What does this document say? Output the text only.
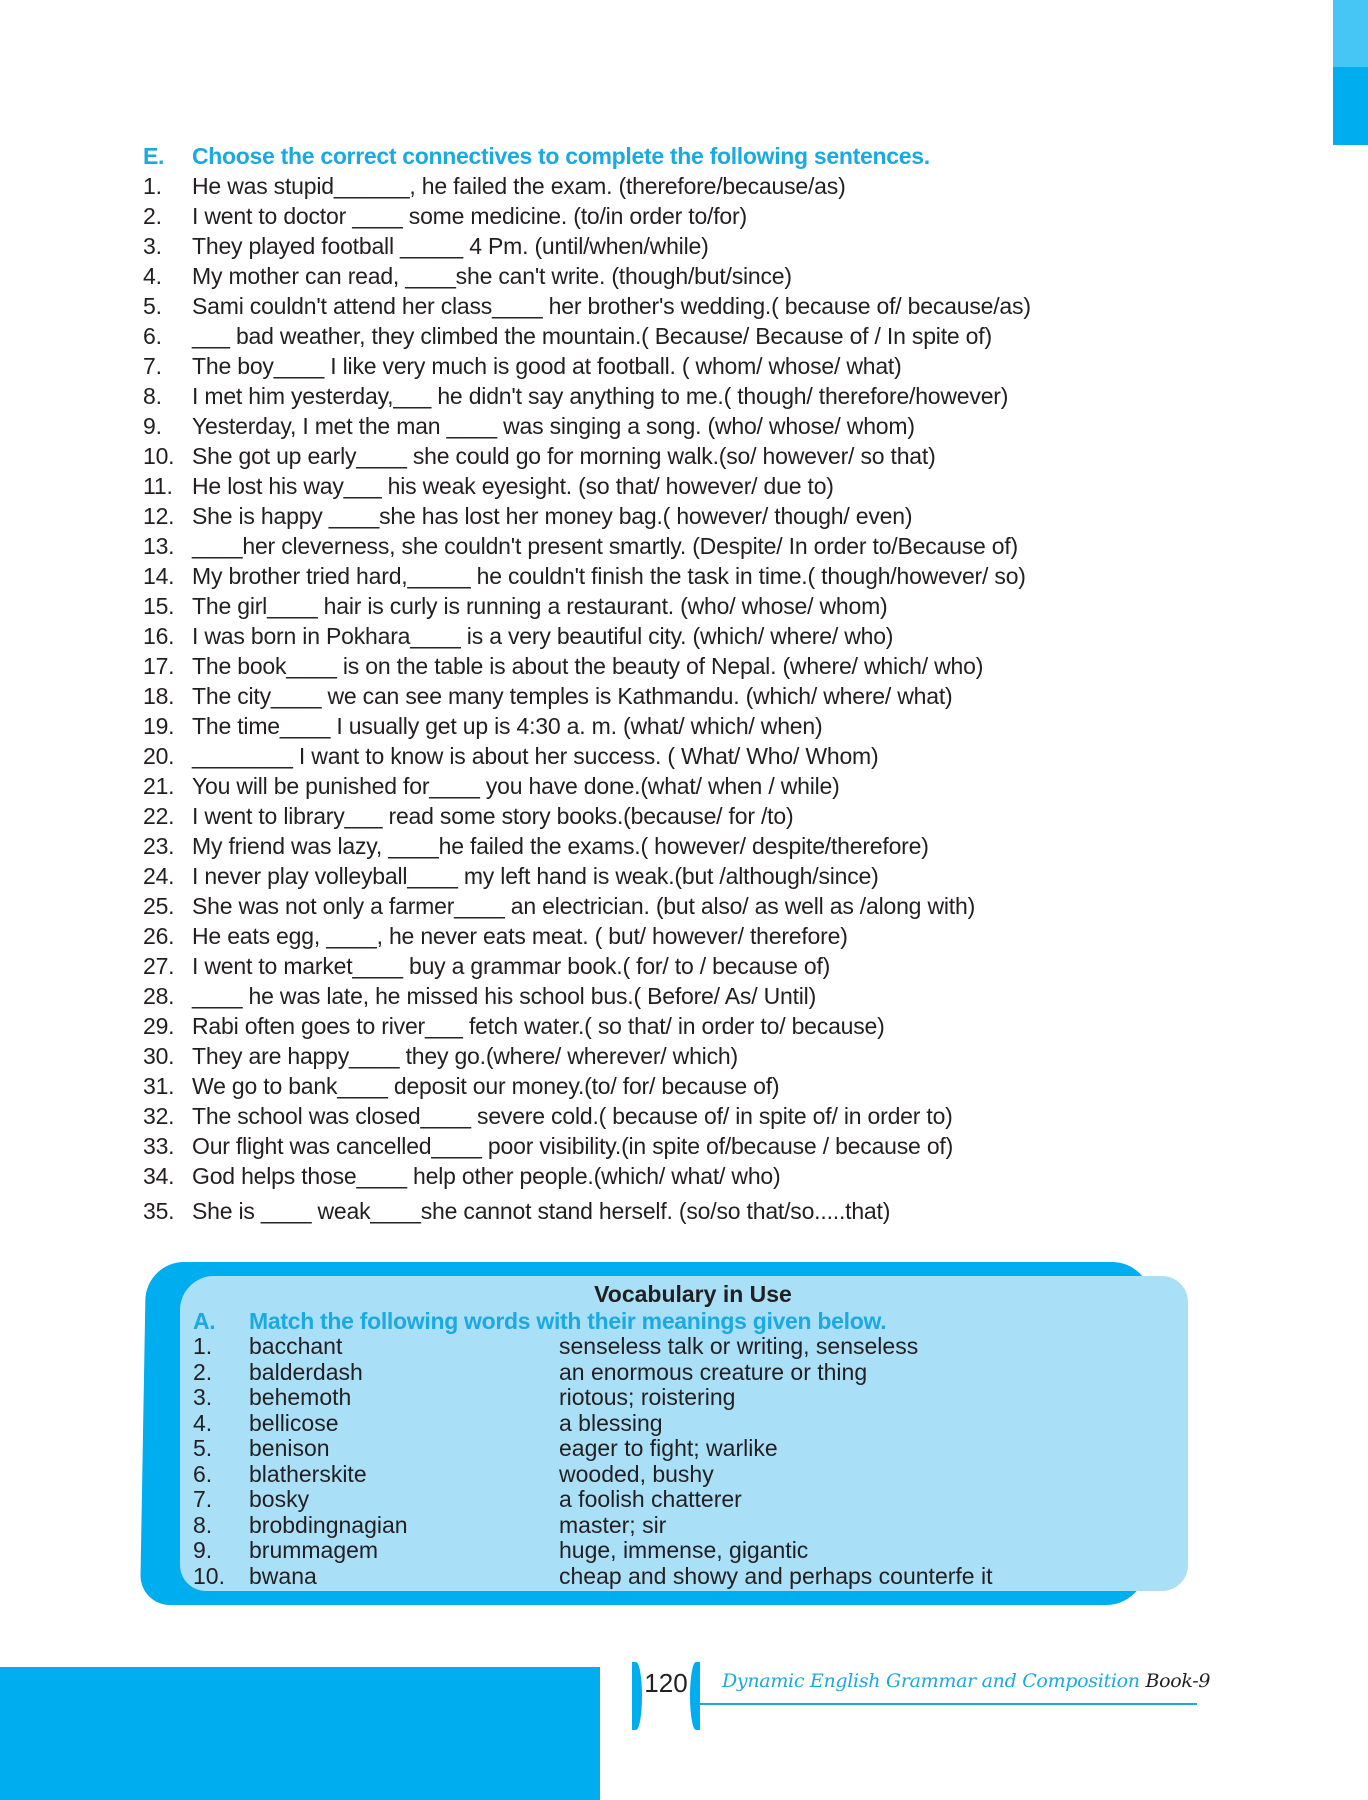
E.	Choose the correct connectives to complete the following sentences.
1.	He was stupid______, he failed the exam. (therefore/because/as)
2.	I went to doctor ____ some medicine. (to/in order to/for)
3.	They played football _____ 4 Pm. (until/when/while)
4.	My mother can read, ____she can't write. (though/but/since)
5.	Sami couldn't attend her class____ her brother's wedding.( because of/ because/as)
6.	___ bad weather, they climbed the mountain.( Because/ Because of / In spite of)
7.	The boy____ I like very much is good at football. ( whom/ whose/ what)
8.	I met him yesterday,___ he didn't say anything to me.( though/ therefore/however)
9.	Yesterday, I met the man ____ was singing a song. (who/ whose/ whom)
10. She got up early____ she could go for morning walk.(so/ however/ so that)
11. He lost his way___ his weak eyesight. (so that/ however/ due to)
12. She is happy ____she has lost her money bag.( however/ though/ even)
13. ____her cleverness, she couldn't present smartly. (Despite/ In order to/Because of)
14. My brother tried hard,_____ he couldn't finish the task in time.( though/however/ so)
15. The girl____ hair is curly is running a restaurant. (who/ whose/ whom)
16. I was born in Pokhara____ is a very beautiful city. (which/ where/ who)
17. The book____ is on the table is about the beauty of Nepal. (where/ which/ who)
18. The city____ we can see many temples is Kathmandu. (which/ where/ what)
19. The time____ I usually get up is 4:30 a. m. (what/ which/ when)
20. ________ I want to know is about her success. ( What/ Who/ Whom)
21. You will be punished for____ you have done.(what/ when / while)
22. I went to library___ read some story books.(because/ for /to)
23. My friend was lazy, ____he failed the exams.( however/ despite/therefore)
24. I never play volleyball____ my left hand is weak.(but /although/since)
25. She was not only a farmer____ an electrician. (but also/ as well as /along with)
26. He eats egg, ____, he never eats meat. ( but/ however/ therefore)
27. I went to market____ buy a grammar book.( for/ to / because of)
28. ____ he was late, he missed his school bus.( Before/ As/ Until)
29. Rabi often goes to river___ fetch water.( so that/ in order to/ because)
30. They are happy____ they go.(where/ wherever/ which)
31. We go to bank____ deposit our money.(to/ for/ because of)
32. The school was closed____ severe cold.( because of/ in spite of/ in order to)
33. Our flight was cancelled____ poor visibility.(in spite of/because / because of)
34. God helps those____ help other people.(which/ what/ who)
35. She is ____ weak____she cannot stand herself. (so/so that/so.....that)
Vocabulary in Use
A.	Match the following words with their meanings given below.
1.	bacchant	senseless talk or writing, senseless
2.	balderdash	an enormous creature or thing
3.	behemoth	riotous; roistering
4.	bellicose	a blessing
5.	benison	eager to fight; warlike
6.	blatherskite	wooded, bushy
7.	bosky	a foolish chatterer
8.	brobdingnagian	master; sir
9.	brummagem	huge, immense, gigantic
10.	bwana	cheap and showy and perhaps counterfe it
120	Dynamic English Grammar and Composition Book-9
